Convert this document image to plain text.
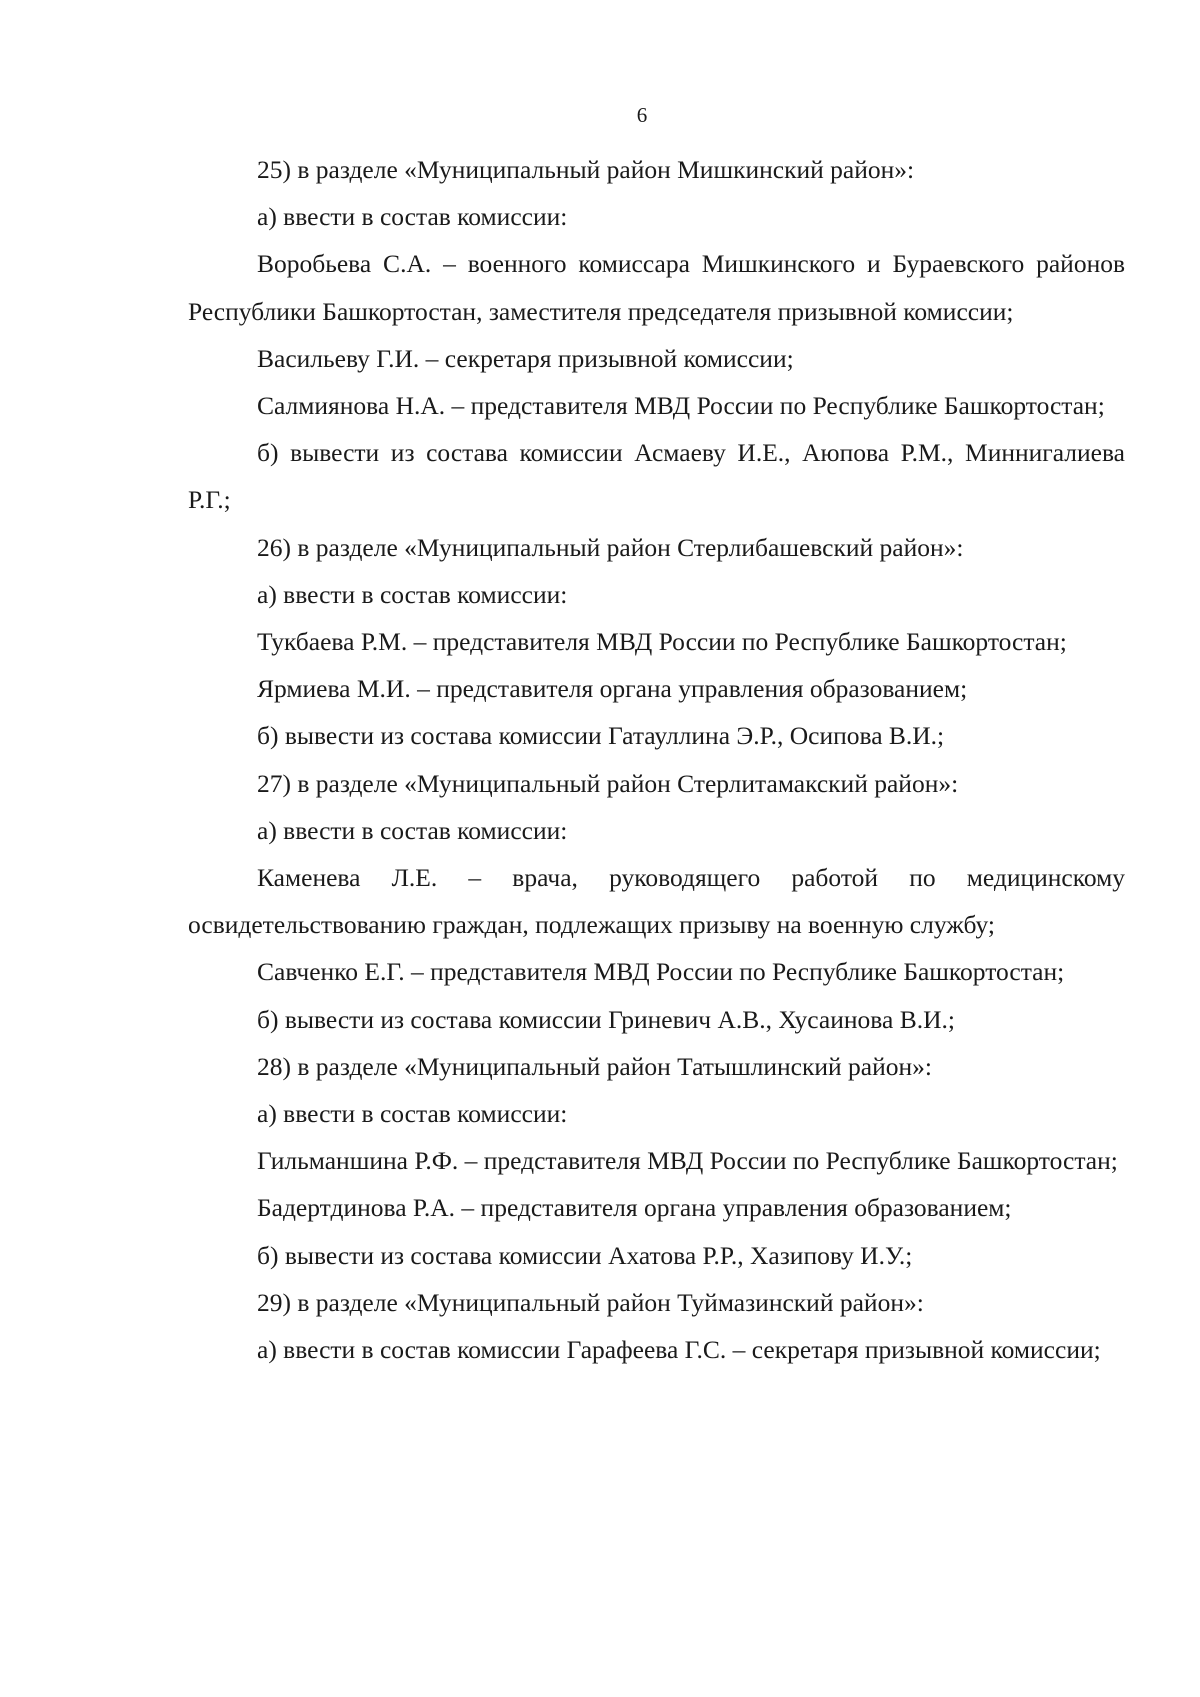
6

25) в разделе «Муниципальный район Мишкинский район»:

а) ввести в состав комиссии:

Воробьева С.А. – военного комиссара Мишкинского и Бураевского районов Республики Башкортостан, заместителя председателя призывной комиссии;

Васильеву Г.И. – секретаря призывной комиссии;

Салмиянова Н.А. – представителя МВД России по Республике Башкортостан;

б) вывести из состава комиссии Асмаеву И.Е., Аюпова Р.М., Миннигалиева Р.Г.;

26) в разделе «Муниципальный район Стерлибашевский район»:

а) ввести в состав комиссии:

Тукбаева Р.М. – представителя МВД России по Республике Башкортостан;

Ярмиева М.И. – представителя органа управления образованием;

б) вывести из состава комиссии Гатауллина Э.Р., Осипова В.И.;

27) в разделе «Муниципальный район Стерлитамакский район»:

а) ввести в состав комиссии:

Каменева Л.Е. – врача, руководящего работой по медицинскому освидетельствованию граждан, подлежащих призыву на военную службу;

Савченко Е.Г. – представителя МВД России по Республике Башкортостан;

б) вывести из состава комиссии Гриневич А.В., Хусаинова В.И.;

28) в разделе «Муниципальный район Татышлинский район»:

а) ввести в состав комиссии:

Гильманшина Р.Ф. – представителя МВД России по Республике Башкортостан;

Бадертдинова Р.А. – представителя органа управления образованием;

б) вывести из состава комиссии Ахатова Р.Р., Хазипову И.У.;

29) в разделе «Муниципальный район Туймазинский район»:

а) ввести в состав комиссии Гарафеева Г.С. – секретаря призывной комиссии;
